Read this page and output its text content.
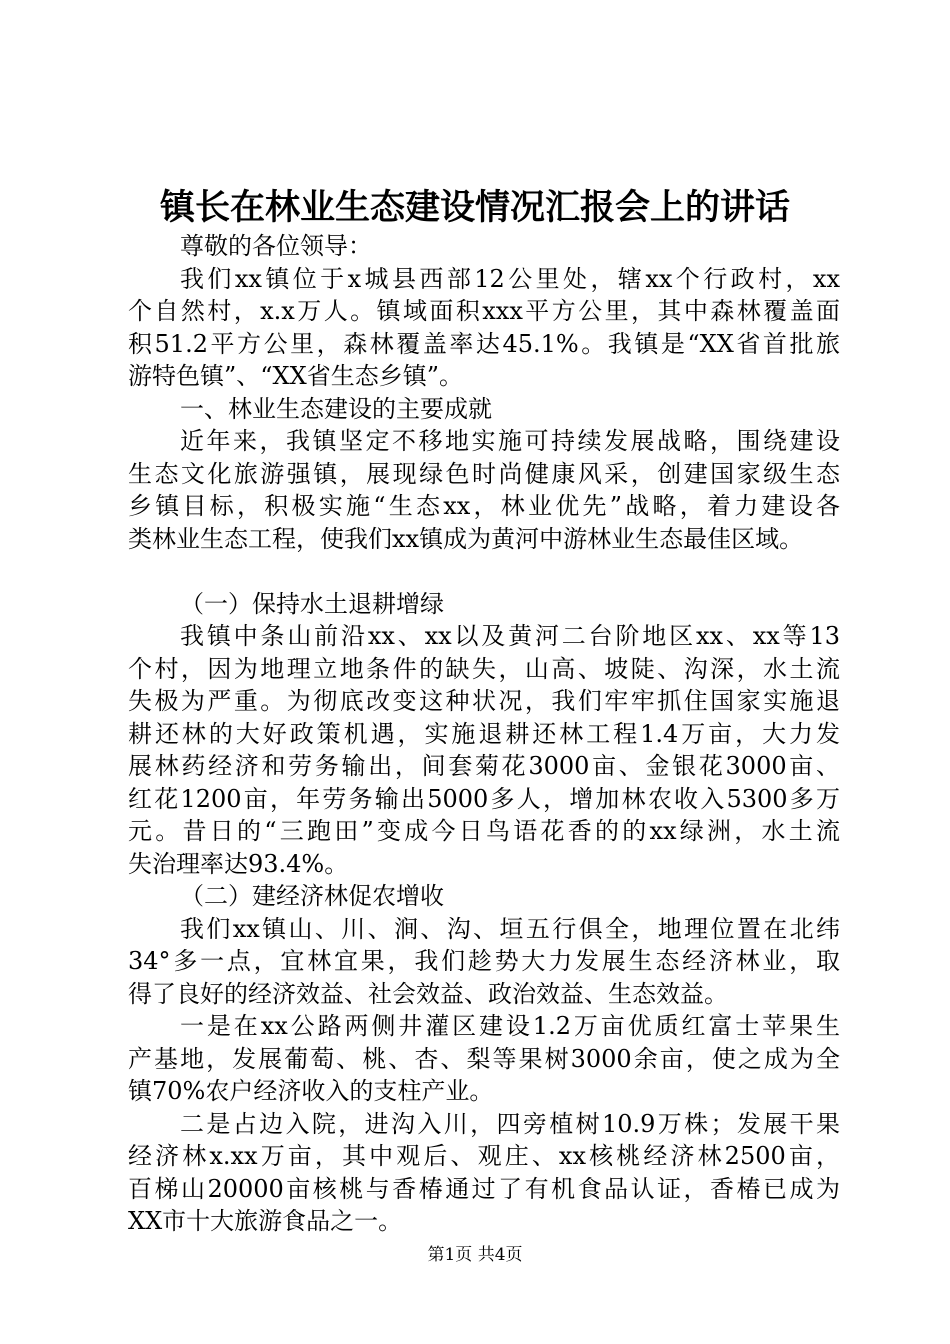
镇长在林业生态建设情况汇报会上的讲话
尊敬的各位领导：
我们xx镇位于x城县西部12公里处，辖xx个行政村，xx
个自然村，x.x万人。镇域面积xxx平方公里，其中森林覆盖面
积51.2平方公里，森林覆盖率达45.1%。我镇是“XX省首批旅
游特色镇”、“XX省生态乡镇”。
一、林业生态建设的主要成就
近年来，我镇坚定不移地实施可持续发展战略，围绕建设
生态文化旅游强镇，展现绿色时尚健康风采，创建国家级生态
乡镇目标，积极实施“生态xx，林业优先”战略，着力建设各
类林业生态工程，使我们xx镇成为黄河中游林业生态最佳区域。
（一）保持水土退耕增绿
我镇中条山前沿xx、xx以及黄河二台阶地区xx、xx等13
个村，因为地理立地条件的缺失，山高、坡陡、沟深，水土流
失极为严重。为彻底改变这种状况，我们牢牢抓住国家实施退
耕还林的大好政策机遇，实施退耕还林工程1.4万亩，大力发
展林药经济和劳务输出，间套菊花3000亩、金银花3000亩、
红花1200亩，年劳务输出5000多人，增加林农收入5300多万
元。昔日的“三跑田”变成今日鸟语花香的的xx绿洲，水土流
失治理率达93.4%。
（二）建经济林促农增收
我们xx镇山、川、涧、沟、垣五行俱全，地理位置在北纬
34°多一点，宜林宜果，我们趁势大力发展生态经济林业，取
得了良好的经济效益、社会效益、政治效益、生态效益。
一是在xx公路两侧井灌区建设1.2万亩优质红富士苹果生
产基地，发展葡萄、桃、杏、梨等果树3000余亩，使之成为全
镇70%农户经济收入的支柱产业。
二是占边入院，进沟入川，四旁植树10.9万株；发展干果
经济林x.xx万亩，其中观后、观庄、xx核桃经济林2500亩，
百梯山20000亩核桃与香椿通过了有机食品认证，香椿已成为
XX市十大旅游食品之一。
第1页 共4页
